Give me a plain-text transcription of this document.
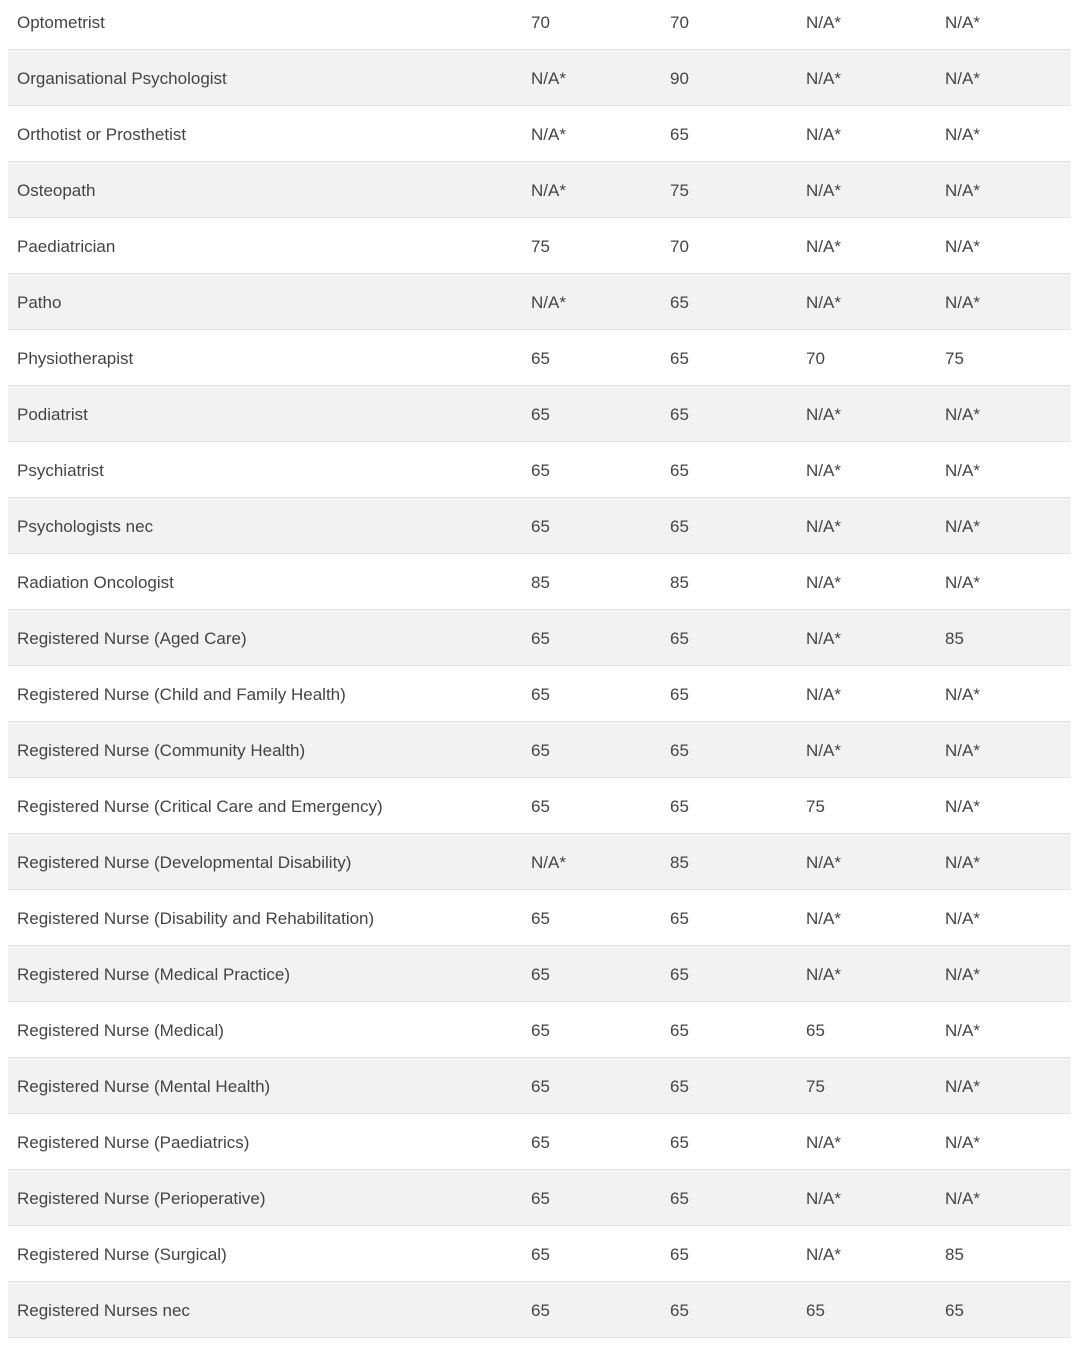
Optometrist	70	70	N/A*	N/A*
Organisational Psychologist	N/A*	90	N/A*	N/A*
Orthotist or Prosthetist	N/A*	65	N/A*	N/A*
Osteopath	N/A*	75	N/A*	N/A*
Paediatrician	75	70	N/A*	N/A*
Patho	N/A*	65	N/A*	N/A*
Physiotherapist	65	65	70	75
Podiatrist	65	65	N/A*	N/A*
Psychiatrist	65	65	N/A*	N/A*
Psychologists nec	65	65	N/A*	N/A*
Radiation Oncologist	85	85	N/A*	N/A*
Registered Nurse (Aged Care)	65	65	N/A*	85
Registered Nurse (Child and Family Health)	65	65	N/A*	N/A*
Registered Nurse (Community Health)	65	65	N/A*	N/A*
Registered Nurse (Critical Care and Emergency)	65	65	75	N/A*
Registered Nurse (Developmental Disability)	N/A*	85	N/A*	N/A*
Registered Nurse (Disability and Rehabilitation)	65	65	N/A*	N/A*
Registered Nurse (Medical Practice)	65	65	N/A*	N/A*
Registered Nurse (Medical)	65	65	65	N/A*
Registered Nurse (Mental Health)	65	65	75	N/A*
Registered Nurse (Paediatrics)	65	65	N/A*	N/A*
Registered Nurse (Perioperative)	65	65	N/A*	N/A*
Registered Nurse (Surgical)	65	65	N/A*	85
Registered Nurses nec	65	65	65	65
